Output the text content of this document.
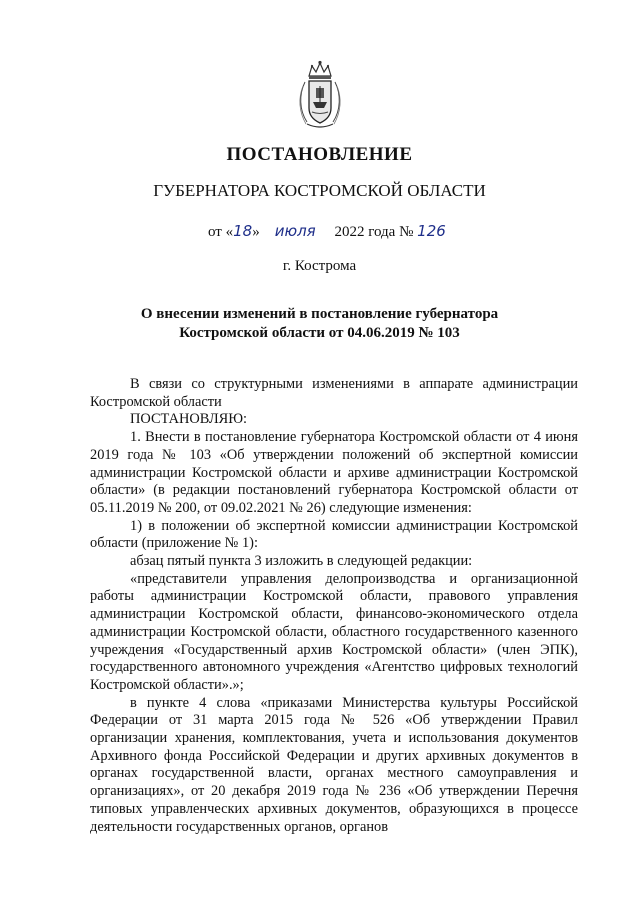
ПОСТАНОВЛЕНИЕ
ГУБЕРНАТОРА КОСТРОМСКОЙ ОБЛАСТИ
от «18» июля 2022 года № 126
г. Кострома
О внесении изменений в постановление губернатора
Костромской области от 04.06.2019 № 103

В связи со структурными изменениями в аппарате администрации Костромской области

ПОСТАНОВЛЯЮ:

1. Внести в постановление губернатора Костромской области от 4 июня 2019 года № 103 «Об утверждении положений об экспертной комиссии администрации Костромской области и архиве администрации Костромской области» (в редакции постановлений губернатора Костромской области от 05.11.2019 № 200, от 09.02.2021 № 26) следующие изменения:

1) в положении об экспертной комиссии администрации Костромской области (приложение № 1):

абзац пятый пункта 3 изложить в следующей редакции:

«представители управления делопроизводства и организационной работы администрации Костромской области, правового управления администрации Костромской области, финансово-экономического отдела администрации Костромской области, областного государственного казенного учреждения «Государственный архив Костромской области» (член ЭПК), государственного автономного учреждения «Агентство цифровых технологий Костромской области».»;

в пункте 4 слова «приказами Министерства культуры Российской Федерации от 31 марта 2015 года № 526 «Об утверждении Правил организации хранения, комплектования, учета и использования документов Архивного фонда Российской Федерации и других архивных документов в органах государственной власти, органах местного самоуправления и организациях», от 20 декабря 2019 года № 236 «Об утверждении Перечня типовых управленческих архивных документов, образующихся в процессе деятельности государственных органов, органов
